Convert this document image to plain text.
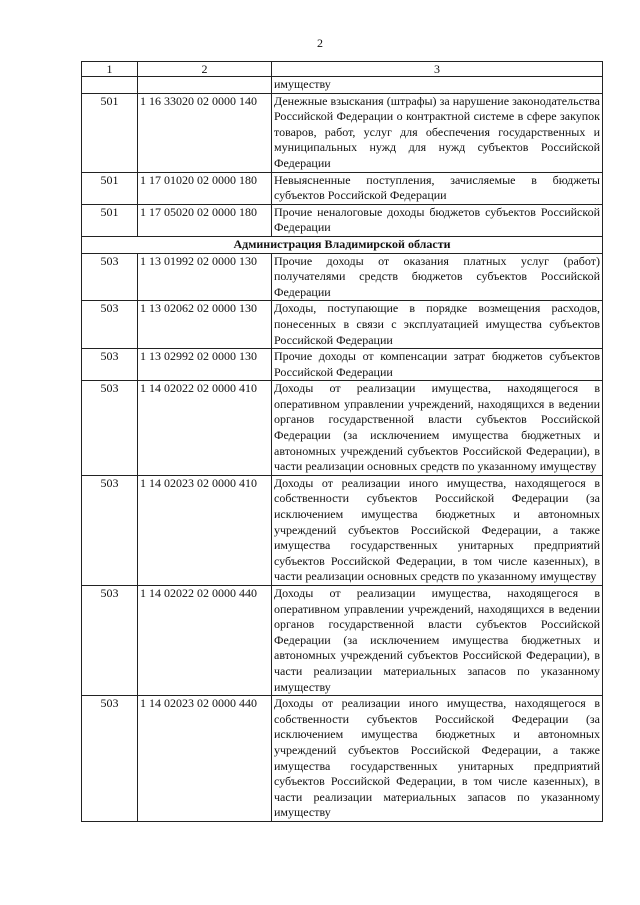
2
1	2	3
		имуществу
501	1 16 33020 02 0000 140	Денежные взыскания (штрафы) за нарушение законодательства Российской Федерации о контрактной системе в сфере закупок товаров, работ, услуг для обеспечения государственных и муниципальных нужд для нужд субъектов Российской Федерации
501	1 17 01020 02 0000 180	Невыясненные поступления, зачисляемые в бюджеты субъектов Российской Федерации
501	1 17 05020 02 0000 180	Прочие неналоговые доходы бюджетов субъектов Российской Федерации
Администрация Владимирской области		
503	1 13 01992 02 0000 130	Прочие доходы от оказания платных услуг (работ) получателями средств бюджетов субъектов Российской Федерации
503	1 13 02062 02 0000 130	Доходы, поступающие в порядке возмещения расходов, понесенных в связи с эксплуатацией имущества субъектов Российской Федерации
503	1 13 02992 02 0000 130	Прочие доходы от компенсации затрат бюджетов субъектов Российской Федерации
503	1 14 02022 02 0000 410	Доходы от реализации имущества, находящегося в оперативном управлении учреждений, находящихся в ведении органов государственной власти субъектов Российской Федерации (за исключением имущества бюджетных и автономных учреждений субъектов Российской Федерации), в части реализации основных средств по указанному имуществу
503	1 14 02023 02 0000 410	Доходы от реализации иного имущества, находящегося в собственности субъектов Российской Федерации (за исключением имущества бюджетных и автономных учреждений субъектов Российской Федерации, а также имущества государственных унитарных предприятий субъектов Российской Федерации, в том числе казенных), в части реализации основных средств по указанному имуществу
503	1 14 02022 02 0000 440	Доходы от реализации имущества, находящегося в оперативном управлении учреждений, находящихся в ведении органов государственной власти субъектов Российской Федерации (за исключением имущества бюджетных и автономных учреждений субъектов Российской Федерации), в части реализации материальных запасов по указанному имуществу
503	1 14 02023 02 0000 440	Доходы от реализации иного имущества, находящегося в собственности субъектов Российской Федерации (за исключением имущества бюджетных и автономных учреждений субъектов Российской Федерации, а также имущества государственных унитарных предприятий субъектов Российской Федерации, в том числе казенных), в части реализации материальных запасов по указанному имуществу
